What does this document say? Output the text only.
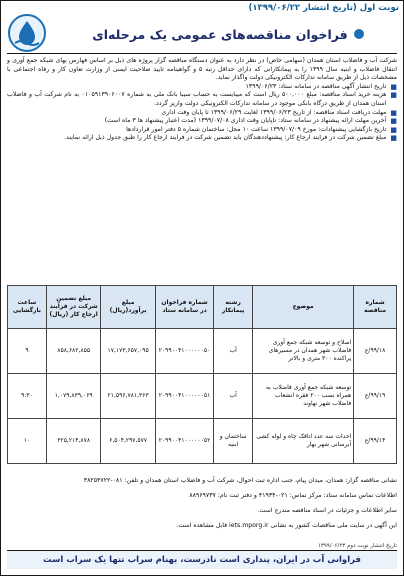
نوبت اول (تاریخ انتشار ۱۳۹۹/۰۶/۲۲)
فراخوان مناقصه‌های عمومی یک مرحله‌ای

شرکت آب و فاضلاب استان همدان (سهامی خاص) در نظر دارد به عنوان دستگاه مناقصه گزار پروژه های ذیل بر اساس فهارس بهای شبکه جمع آوری و انتقال فاضلاب و ابنیه سال ۱۳۹۹ را به پیمانکارانی که دارای حداقل رتبه ۵ و گواهینامه تایید صلاحیت ایمنی از وزارت تعاون کار و رفاه اجتماعی با مشخصات ذیل از طریق سامانه تدارکات الکترونیکی دولت واگذار نماید.

■

تاریخ انتشار آگهی مناقصه در سامانه ستاد: ۱۳۹۹/۰۶/۲۳

■

هزینه خرید اسناد مناقصه: مبلغ ۵۰۰,۰۰۰ ریال است که میبایست به حساب سیبا بانک ملی به شماره ۰۱۰۵۹۱۳۹۰۶۰۰۷ به نام شرکت آب و فاضلاب استان همدان از طریق درگاه بانکی موجود در سامانه تدارکات الکترونیکی دولت واریز گردد.

■

مهلت دریافت اسناد مناقصه: از تاریخ ۱۳۹۹/۰۶/۲۳ لغایت ۱۳۹۹/۰۶/۲۹ تا پایان وقت اداری

■

آخرین مهلت ارائه پیشنهاد در سامانه ستاد: تاپایان وقت اداری ۱۳۹۹/۰۷/۰۸ (مدت اعتبار پیشنهاد ها ۳ ماه است)

■

تاریخ بازگشایی پیشنهادات: مورخ ۱۳۹۹/۰۷/۰۹ ساعت ۱۰ محل: ساختمان شماره ۵ دفتر امور قراردادها

■

مبلغ تضمین شرکت در فرایند ارجاع کار: پیشنهاددهندگان باید تضمین شرکت در فرایند ارجاع کار را طبق جدول ذیل ارائه نمایند.

شماره مناقصه	موضوع	رشته پیمانکار	شماره فراخوان در سامانه ستاد	مبلغ برآورد(ریال)	مبلغ تضمین شرکت در فرآیند ارجاع کار (ریال)	ساعت بازگشایی
۹۹/۱۸/ع	اصلاح و توسعه شبکه جمع آوری فاضلاب شهر همدان در مسیرهای پراکنده ۳۰۰ متری و بالاتر	آب	۲۰۹۹۰۰۴۱۰۰۰۰۰۰۵۰	۱۷,۱۷۳,۶۵۷,۰۹۵	۸۵۸,۶۸۲,۸۵۵	۹
۹۹/۱۹/ع	توسعه شبکه جمع آوری فاضلاب به همراه نصب ۲۰۰ فقره انشعاب فاضلاب شهر نهاوند	آب	۲۰۹۹۰۰۴۱۰۰۰۰۰۰۵۱	۲۱,۵۹۶,۷۸۱,۳۶۳	۱,۰۷۹,۸۳۹,۰۶۹	۹:۳۰
۹۹/۱۴/ع	احداث سه عدد اتاقک چاه و لوله کشی آبرسانی شهر بهار	ساختمان و ابنیه	۲۰۹۹۰۰۴۱۰۰۰۰۰۰۵۲	۶,۵۰۴,۲۹۷,۵۷۷	۳۲۵,۲۱۴,۸۷۸	۱۰

نشانی مناقصه گزار: همدان، میدان پیام، جنب اداره ثبت احوال، شرکت آب و فاضلاب استان همدان و تلفن: ۰۸۱-۳۸۲۵۴۷۲۲

اطلاعات تماس سامانه ستاد: مرکز تماس: ۰۲۱-۴۱۹۳۴ و دفتر ثبت نام: ۸۸۹۶۹۷۳۷

سایر اطلاعات و جزئیات در اسناد مناقصه مندرج است.

این آگهی در سایت ملی مناقصات کشور به نشانی iets.mporg.ir قابل مشاهده است.

تاریخ انتشار نوبت دوم ۱۳۹۹/۰۶/۲۳
فراوانی آب در ایران، پنداری است نادرست، بهنام سراب تنها یک سراب است
